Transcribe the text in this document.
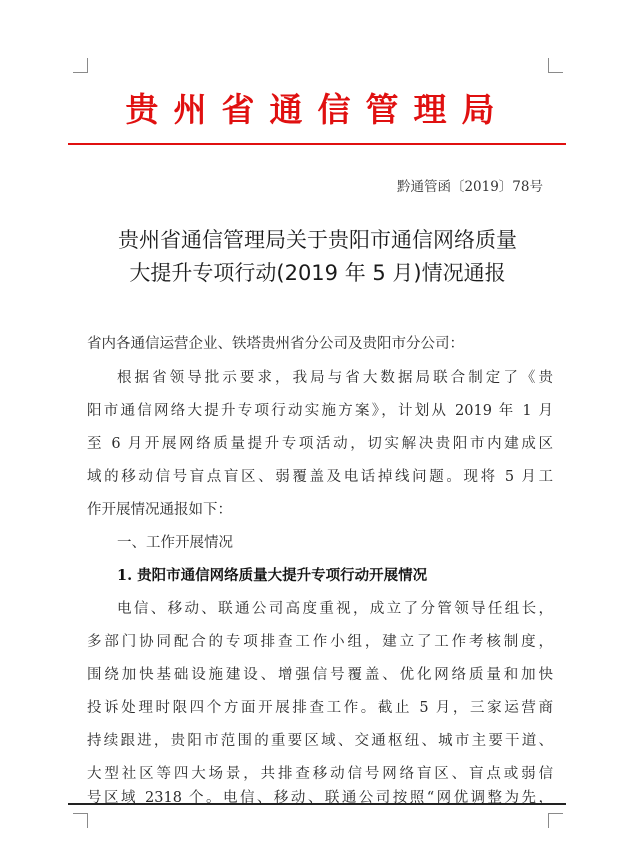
贵州省通信管理局
黔通管函〔2019〕78号
贵州省通信管理局关于贵阳市通信网络质量
大提升专项行动(2019 年 5 月)情况通报
省内各通信运营企业、铁塔贵州省分公司及贵阳市分公司：
根据省领导批示要求，我局与省大数据局联合制定了《贵
阳市通信网络大提升专项行动实施方案》，计划从 2019 年 1 月
至 6 月开展网络质量提升专项活动，切实解决贵阳市内建成区
域的移动信号盲点盲区、弱覆盖及电话掉线问题。现将 5 月工
作开展情况通报如下：
一、工作开展情况
1. 贵阳市通信网络质量大提升专项行动开展情况
电信、移动、联通公司高度重视，成立了分管领导任组长，
多部门协同配合的专项排查工作小组，建立了工作考核制度，
围绕加快基础设施建设、增强信号覆盖、优化网络质量和加快
投诉处理时限四个方面开展排查工作。截止 5 月，三家运营商
持续跟进，贵阳市范围的重要区域、交通枢纽、城市主要干道、
大型社区等四大场景，共排查移动信号网络盲区、盲点或弱信
号区域 2318 个。电信、移动、联通公司按照“网优调整为先，
